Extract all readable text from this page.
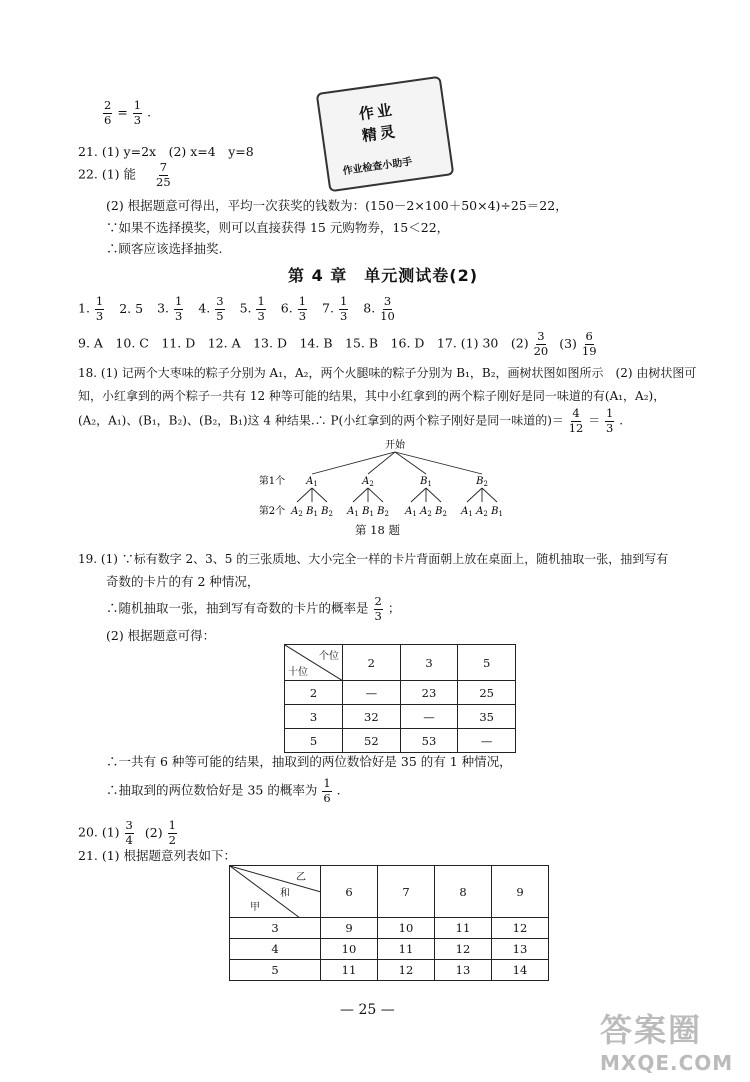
$\frac{2}{6} = \frac{1}{3}$ .
21. (1) y=2x　(2) x=4　y=8
22. (1) 能 $\frac{7}{25}$
(2) 根据题意可得出，平均一次获奖的钱数为：(150－2×100＋50×4)÷25＝22，
∵如果不选择摸奖，则可以直接获得 15 元购物券，15＜22，
∴顾客应该选择抽奖.
作业
精灵
作业检查小助手
第 4 章　单元测试卷(2)
1. $\frac{1}{3} 2$. 53. $\frac{1}{3} 4$. $\frac{3}{5} 5$. $\frac{1}{3} 6$. $\frac{1}{3} 7$. $\frac{1}{3} 8$. $\frac{3}{10}$
9. A　10. C　11. D　12. A　13. D　14. B　15. B　16. D　17. (1) 30　$(2) \frac{3}{20} (3) \frac{6}{19}$
18. (1) 记两个大枣味的粽子分别为 A₁，A₂，两个火腿味的粽子分别为 B₁，B₂，画树状图如图所示　(2) 由树状图可
知，小红拿到的两个粽子一共有 12 种等可能的结果，其中小红拿到的两个粽子刚好是同一味道的有(A₁，A₂)，
(A₂，A₁)、(B₁，B₂)、(B₂，B₁)这 4 种结果.∴ P(小红拿到的两个粽子刚好是同一味道的)＝ $\frac{4}{12} = \frac{1}{3}$ .
开始
第1个
第2个
$A_1$
$A_2$ $B_1$ $B_2$
$A_2$
$A_1$ $B_1$ $B_2$
$B_1$
$A_1$ $A_2$ $B_2$
$B_2$
$A_1$ $A_2$ $B_1$
第 18 题
19. (1) ∵标有数字 2、3、5 的三张质地、大小完全一样的卡片背面朝上放在桌面上，随机抽取一张，抽到写有
奇数的卡片的有 2 种情况，
∴随机抽取一张，抽到写有奇数的卡片的概率是 $\frac{2}{3}$ ；
(2) 根据题意可得：
个位
十位	2	3	5
2	—	23	25
3	32	—	35
5	52	53	—
∴一共有 6 种等可能的结果，抽取到的两位数恰好是 35 的有 1 种情况，
∴抽取到的两位数恰好是 35 的概率为 $\frac{1}{6}$ .
20. $(1) \frac{3}{4} (2) \frac{1}{2}$
21. (1) 根据题意列表如下：
乙
和
甲	6	7	8	9
3	9	10	11	12
4	10	11	12	13
5	11	12	13	14
— 25 —
答案圈
MXQE.COM
